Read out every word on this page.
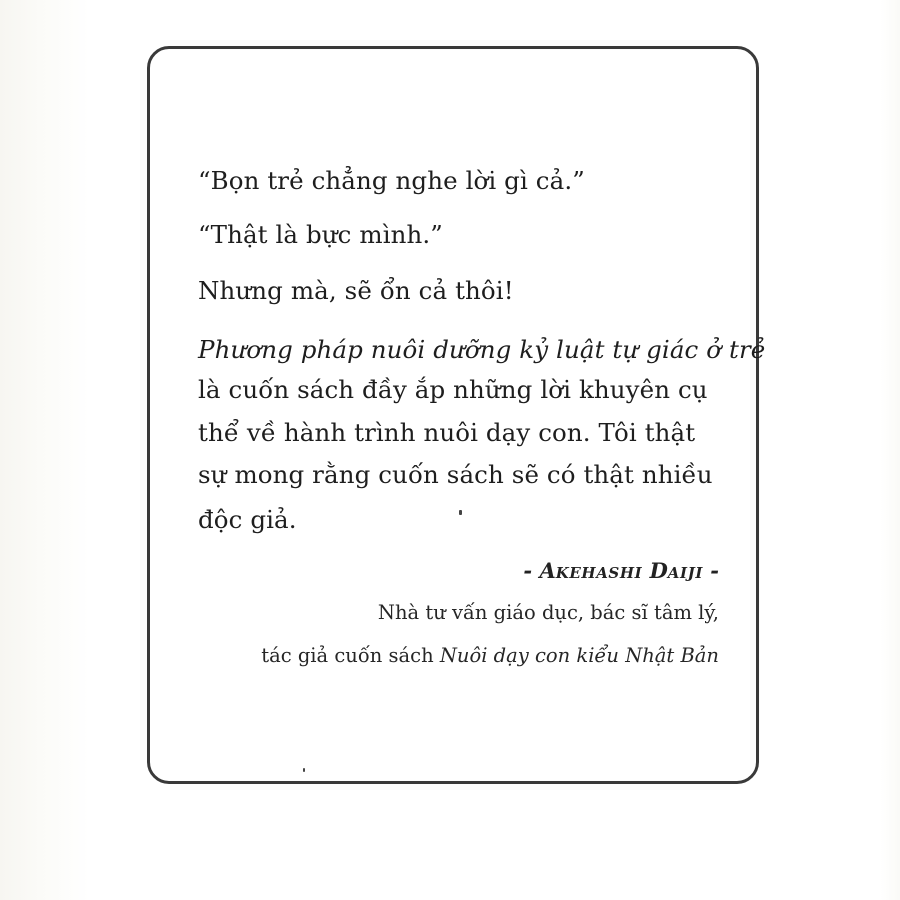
“Bọn trẻ chẳng nghe lời gì cả.”
“Thật là bực mình.”
Nhưng mà, sẽ ổn cả thôi!
Phương pháp nuôi dưỡng kỷ luật tự giác ở trẻ
là cuốn sách đầy ắp những lời khuyên cụ
thể về hành trình nuôi dạy con. Tôi thật
sự mong rằng cuốn sách sẽ có thật nhiều
độc giả.
- AKEHASHI DAIJI -
Nhà tư vấn giáo dục, bác sĩ tâm lý,
tác giả cuốn sách Nuôi dạy con kiểu Nhật Bản
